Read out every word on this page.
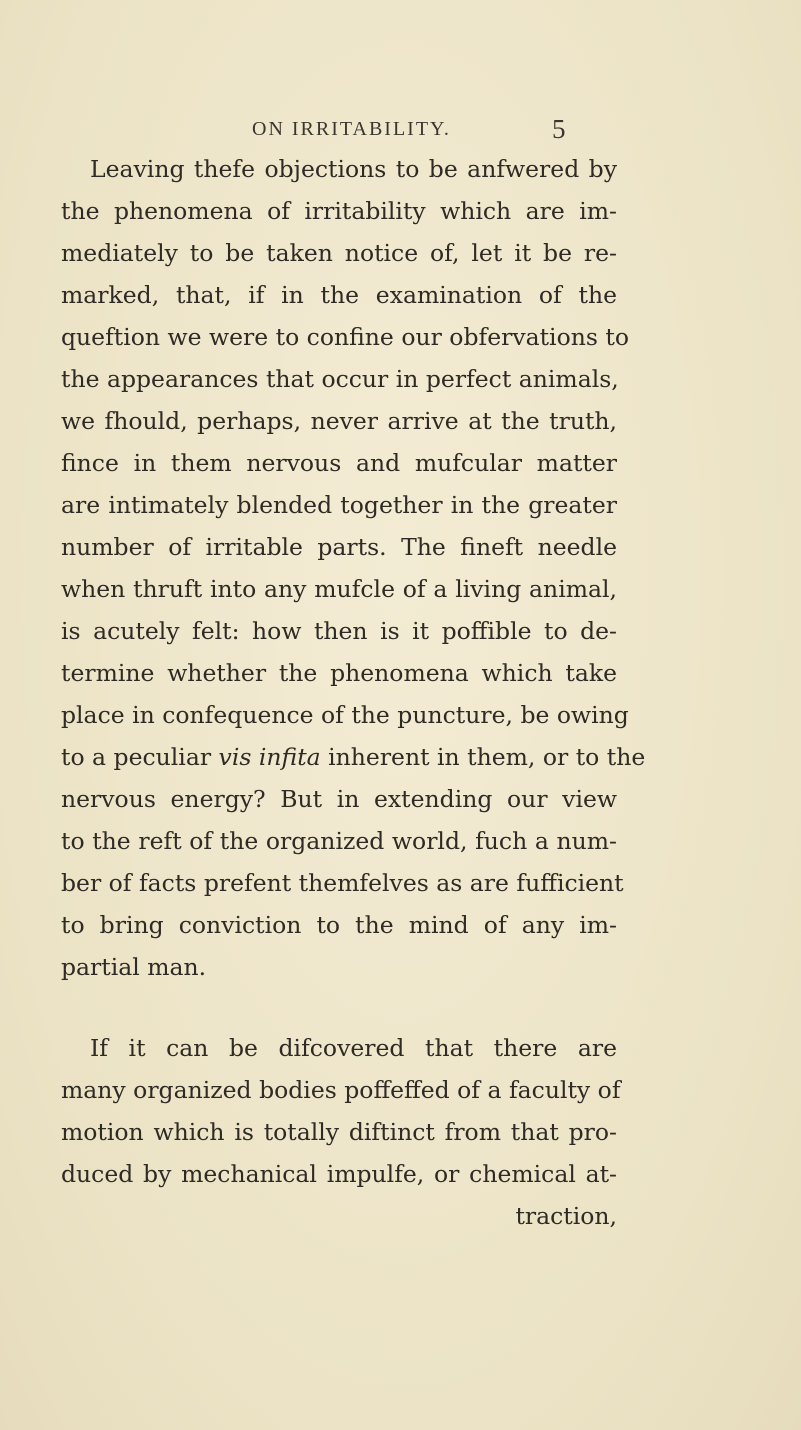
ON IRRITABILITY.	5
Leaving thefe objections to be anfwered by
the phenomena of irritability which are im-
mediately to be taken notice of, let it be re-
marked, that, if in the examination of the
queftion we were to confine our obfervations to
the appearances that occur in perfect animals,
we fhould, perhaps, never arrive at the truth,
fince in them nervous and mufcular matter
are intimately blended together in the greater
number of irritable parts. The fineft needle
when thruft into any mufcle of a living animal,
is acutely felt: how then is it poffible to de-
termine whether the phenomena which take
place in confequence of the puncture, be owing
to a peculiar vis infita inherent in them, or to the
nervous energy? But in extending our view
to the reft of the organized world, fuch a num-
ber of facts prefent themfelves as are fufficient
to bring conviction to the mind of any im-
partial man.
If it can be difcovered that there are
many organized bodies poffeffed of a faculty of
motion which is totally diftinct from that pro-
duced by mechanical impulfe, or chemical at-
traction,
